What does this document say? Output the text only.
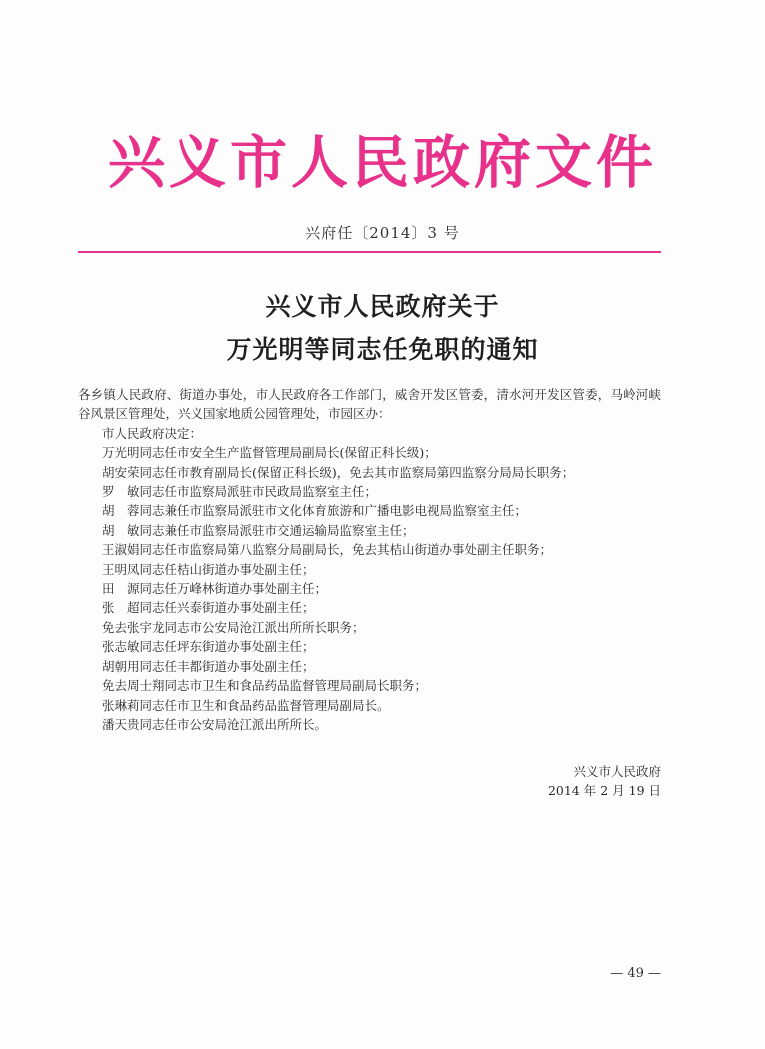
兴义市人民政府文件
兴府任〔2014〕3 号
兴义市人民政府关于
万光明等同志任免职的通知

各乡镇人民政府、街道办事处，市人民政府各工作部门，威舍开发区管委，清水河开发区管委，马岭河峡谷风景区管理处，兴义国家地质公园管理处，市园区办：

市人民政府决定：

万光明同志任市安全生产监督管理局副局长(保留正科长级)；

胡安荣同志任市教育副局长(保留正科长级)，免去其市监察局第四监察分局局长职务；

罗　敏同志任市监察局派驻市民政局监察室主任；

胡　蓉同志兼任市监察局派驻市文化体育旅游和广播电影电视局监察室主任；

胡　敏同志兼任市监察局派驻市交通运输局监察室主任；

王淑娟同志任市监察局第八监察分局副局长，免去其桔山街道办事处副主任职务；

王明凤同志任桔山街道办事处副主任；

田　源同志任万峰林街道办事处副主任；

张　超同志任兴泰街道办事处副主任；

免去张宇龙同志市公安局沧江派出所所长职务；

张志敏同志任坪东街道办事处副主任；

胡朝用同志任丰都街道办事处副主任；

免去周士翔同志市卫生和食品药品监督管理局副局长职务；

张琳莉同志任市卫生和食品药品监督管理局副局长。

潘天贵同志任市公安局沧江派出所所长。

兴义市人民政府
2014 年 2 月 19 日
— 49 —
